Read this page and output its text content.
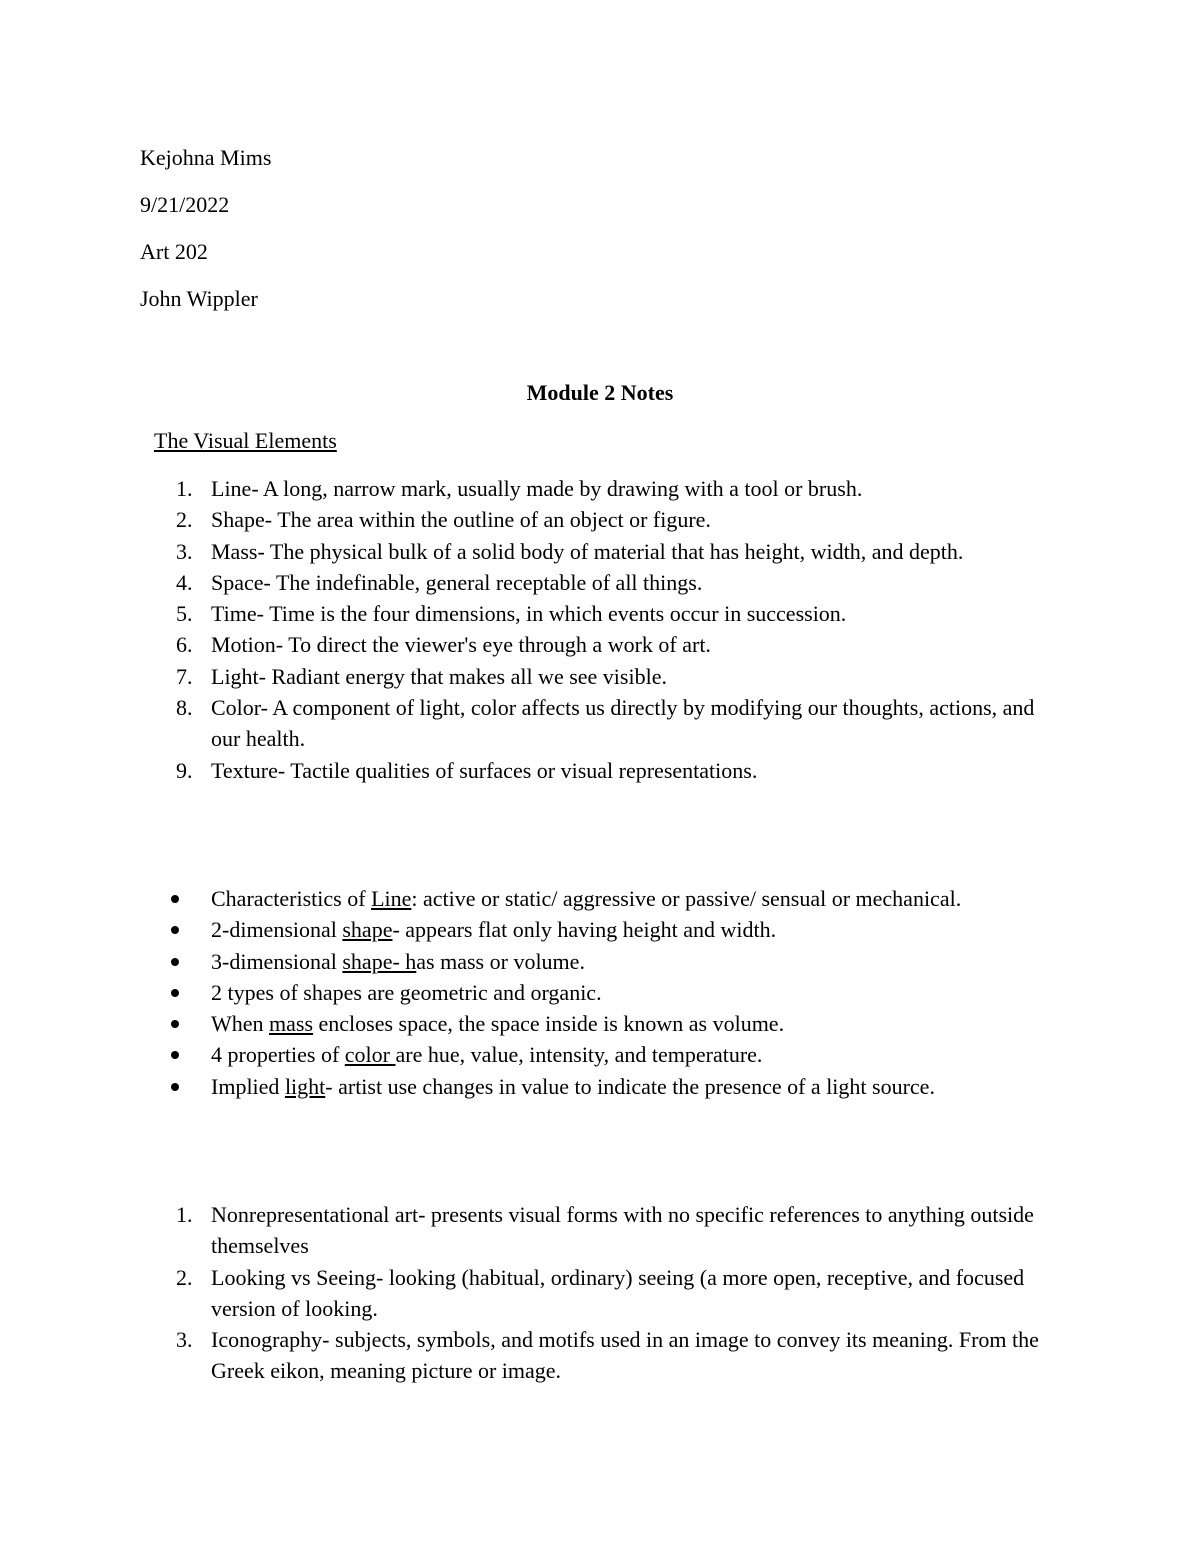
Kejohna Mims
9/21/2022
Art 202
John Wippler
Module 2 Notes
The Visual Elements
1. Line- A long, narrow mark, usually made by drawing with a tool or brush.
2. Shape- The area within the outline of an object or figure.
3. Mass- The physical bulk of a solid body of material that has height, width, and depth.
4. Space- The indefinable, general receptable of all things.
5. Time- Time is the four dimensions, in which events occur in succession.
6. Motion- To direct the viewer's eye through a work of art.
7. Light- Radiant energy that makes all we see visible.
8. Color- A component of light, color affects us directly by modifying our thoughts, actions, and our health.
9. Texture- Tactile qualities of surfaces or visual representations.
Characteristics of Line: active or static/ aggressive or passive/ sensual or mechanical.
2-dimensional shape- appears flat only having height and width.
3-dimensional shape- has mass or volume.
2 types of shapes are geometric and organic.
When mass encloses space, the space inside is known as volume.
4 properties of color are hue, value, intensity, and temperature.
Implied light- artist use changes in value to indicate the presence of a light source.
1. Nonrepresentational art- presents visual forms with no specific references to anything outside themselves
2. Looking vs Seeing- looking (habitual, ordinary) seeing (a more open, receptive, and focused version of looking.
3. Iconography- subjects, symbols, and motifs used in an image to convey its meaning. From the Greek eikon, meaning picture or image.
